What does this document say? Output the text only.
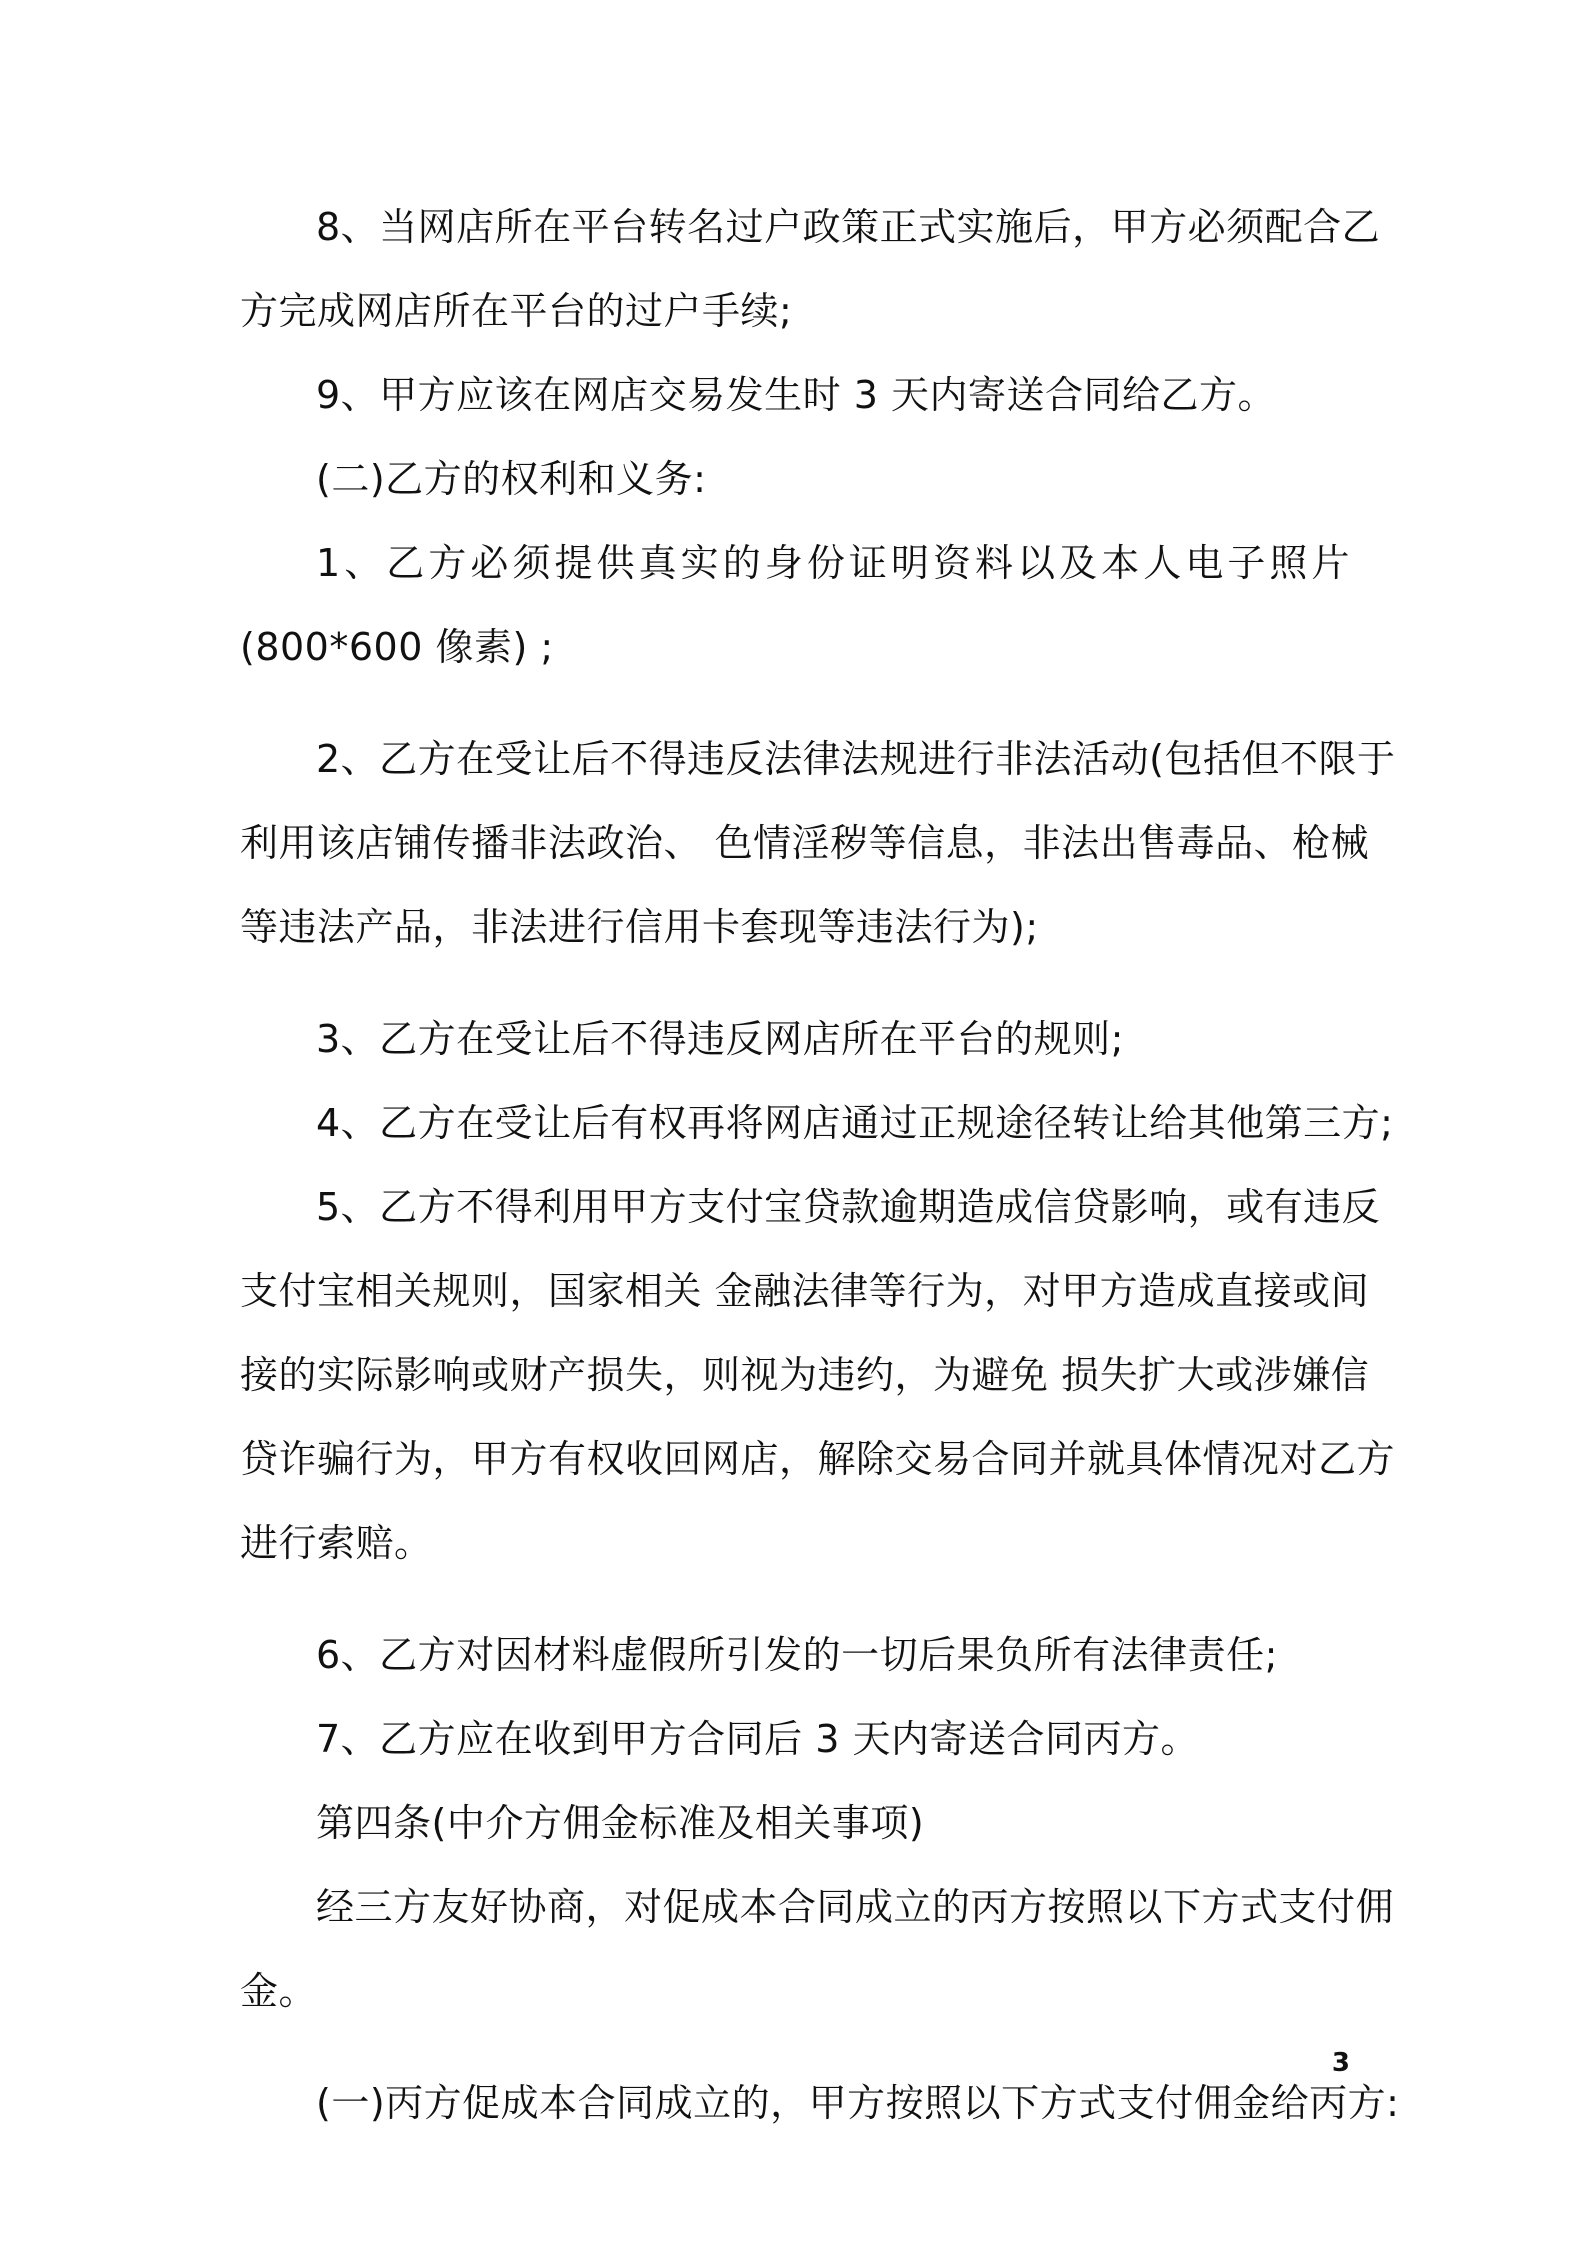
8、当网店所在平台转名过户政策正式实施后，甲方必须配合乙
方完成网店所在平台的过户手续;
9、甲方应该在网店交易发生时 3 天内寄送合同给乙方。
(二)乙方的权利和义务:
1、乙方必须提供真实的身份证明资料以及本人电子照片
(800*600 像素) ;
2、乙方在受让后不得违反法律法规进行非法活动(包括但不限于
利用该店铺传播非法政治、 色情淫秽等信息，非法出售毒品、枪械
等违法产品，非法进行信用卡套现等违法行为);
3、乙方在受让后不得违反网店所在平台的规则;
4、乙方在受让后有权再将网店通过正规途径转让给其他第三方;
5、乙方不得利用甲方支付宝贷款逾期造成信贷影响，或有违反
支付宝相关规则，国家相关 金融法律等行为，对甲方造成直接或间
接的实际影响或财产损失，则视为违约，为避免 损失扩大或涉嫌信
贷诈骗行为，甲方有权收回网店，解除交易合同并就具体情况对乙方
进行索赔。
6、乙方对因材料虚假所引发的一切后果负所有法律责任;
7、乙方应在收到甲方合同后 3 天内寄送合同丙方。
第四条(中介方佣金标准及相关事项)
经三方友好协商，对促成本合同成立的丙方按照以下方式支付佣
金。
(一)丙方促成本合同成立的，甲方按照以下方式支付佣金给丙方:
3
